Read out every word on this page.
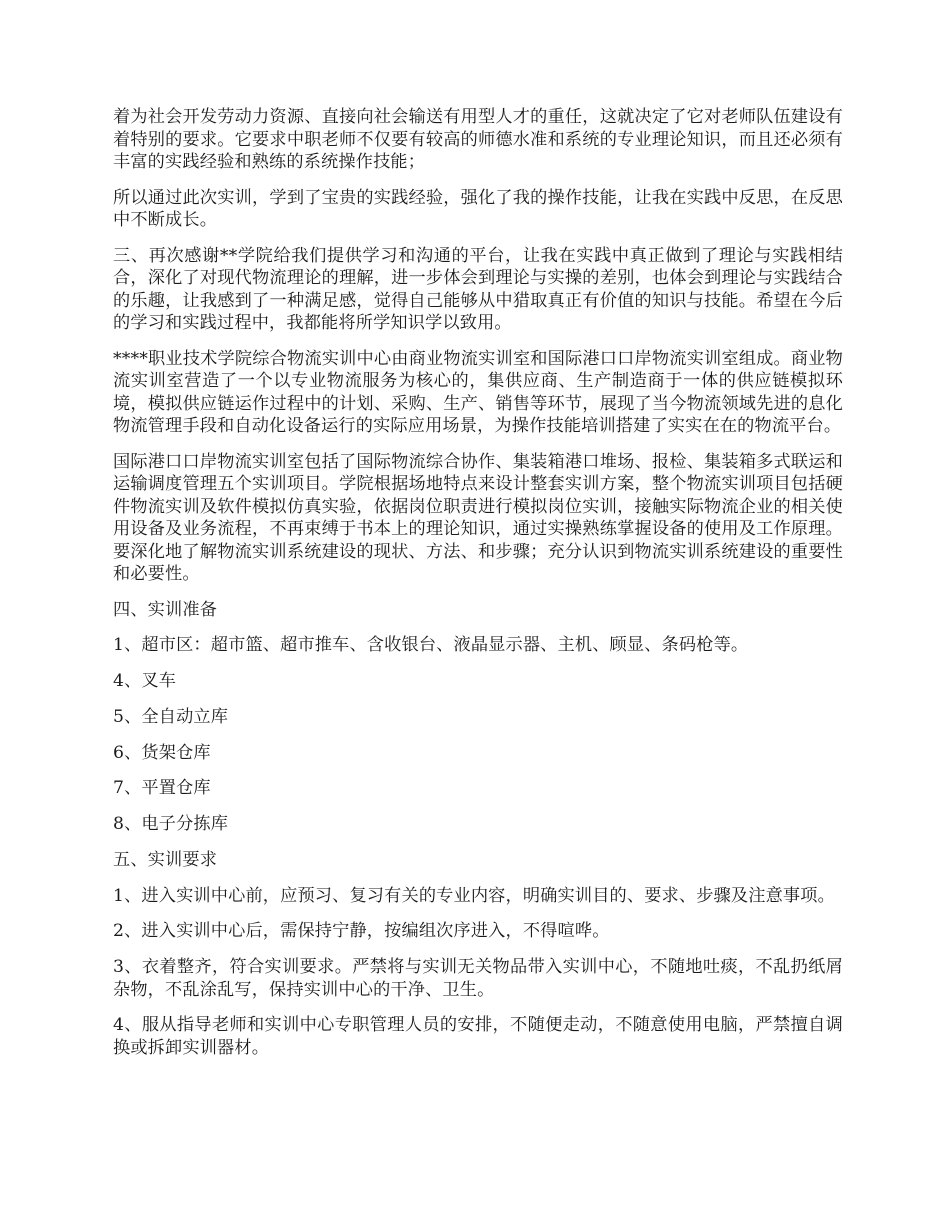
着为社会开发劳动力资源、直接向社会输送有用型人才的重任，这就决定了它对老师队伍建设有着特别的要求。它要求中职老师不仅要有较高的师德水准和系统的专业理论知识，而且还必须有丰富的实践经验和熟练的系统操作技能；

所以通过此次实训，学到了宝贵的实践经验，强化了我的操作技能，让我在实践中反思，在反思中不断成长。

三、再次感谢**学院给我们提供学习和沟通的平台，让我在实践中真正做到了理论与实践相结合，深化了对现代物流理论的理解，进一步体会到理论与实操的差别，也体会到理论与实践结合的乐趣，让我感到了一种满足感，觉得自己能够从中猎取真正有价值的知识与技能。希望在今后的学习和实践过程中，我都能将所学知识学以致用。

****职业技术学院综合物流实训中心由商业物流实训室和国际港口口岸物流实训室组成。商业物流实训室营造了一个以专业物流服务为核心的，集供应商、生产制造商于一体的供应链模拟环境，模拟供应链运作过程中的计划、采购、生产、销售等环节，展现了当今物流领域先进的息化物流管理手段和自动化设备运行的实际应用场景，为操作技能培训搭建了实实在在的物流平台。

国际港口口岸物流实训室包括了国际物流综合协作、集装箱港口堆场、报检、集装箱多式联运和运输调度管理五个实训项目。学院根据场地特点来设计整套实训方案，整个物流实训项目包括硬件物流实训及软件模拟仿真实验，依据岗位职责进行模拟岗位实训，接触实际物流企业的相关使用设备及业务流程，不再束缚于书本上的理论知识，通过实操熟练掌握设备的使用及工作原理。要深化地了解物流实训系统建设的现状、方法、和步骤；充分认识到物流实训系统建设的重要性和必要性。

四、实训准备

1、超市区：超市篮、超市推车、含收银台、液晶显示器、主机、顾显、条码枪等。

4、叉车

5、全自动立库

6、货架仓库

7、平置仓库

8、电子分拣库

五、实训要求

1、进入实训中心前，应预习、复习有关的专业内容，明确实训目的、要求、步骤及注意事项。

2、进入实训中心后，需保持宁静，按编组次序进入，不得喧哗。

3、衣着整齐，符合实训要求。严禁将与实训无关物品带入实训中心，不随地吐痰，不乱扔纸屑杂物，不乱涂乱写，保持实训中心的干净、卫生。

4、服从指导老师和实训中心专职管理人员的安排，不随便走动，不随意使用电脑，严禁擅自调换或拆卸实训器材。
